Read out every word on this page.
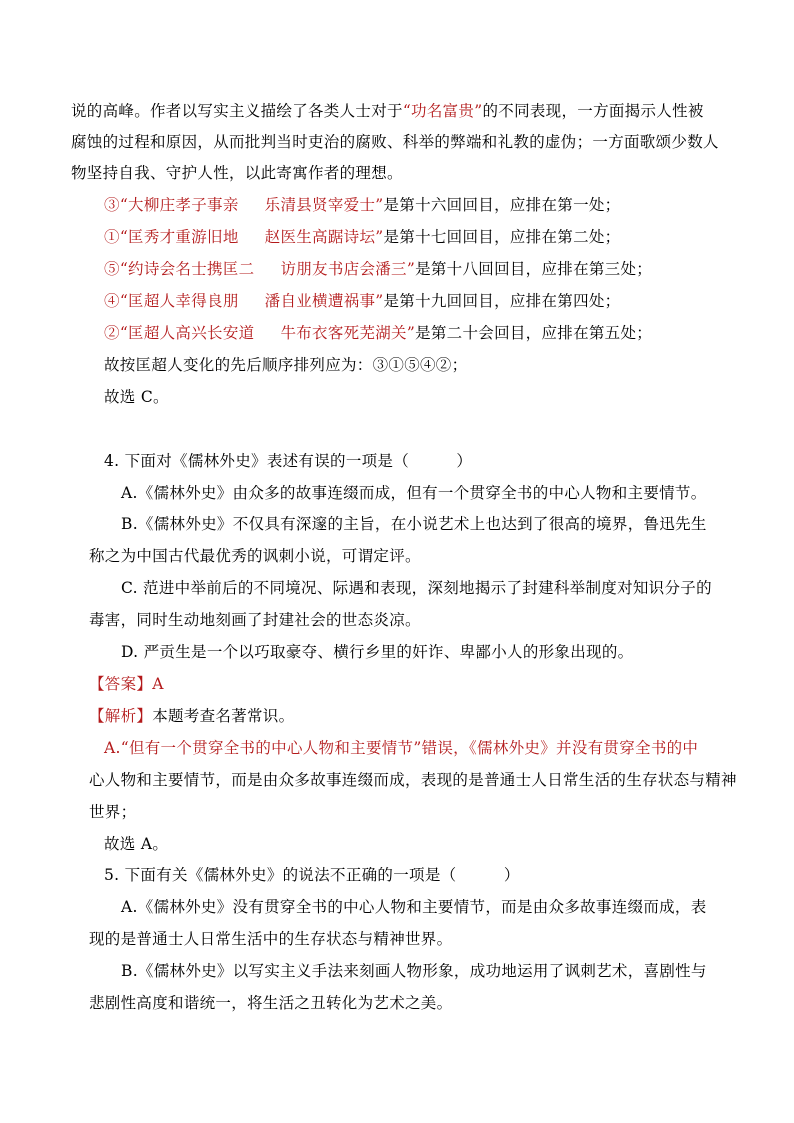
说的高峰。作者以写实主义描绘了各类人士对于“功名富贵”的不同表现，一方面揭示人性被
腐蚀的过程和原因，从而批判当时吏治的腐败、科举的弊端和礼教的虚伪；一方面歌颂少数人
物坚持自我、守护人性，以此寄寓作者的理想。
③“大柳庄孝子事亲 乐清县贤宰爱士”是第十六回回目，应排在第一处；
①“匡秀才重游旧地 赵医生高踞诗坛”是第十七回回目，应排在第二处；
⑤“约诗会名士携匡二 访朋友书店会潘三”是第十八回回目，应排在第三处；
④“匡超人幸得良朋 潘自业横遭祸事”是第十九回回目，应排在第四处；
②“匡超人高兴长安道 牛布衣客死芜湖关”是第二十会回目，应排在第五处；
故按匡超人变化的先后顺序排列应为：③①⑤④②；
故选 C。
4. 下面对《儒林外史》表述有误的一项是（　　　）
A.《儒林外史》由众多的故事连缀而成，但有一个贯穿全书的中心人物和主要情节。
B.《儒林外史》不仅具有深邃的主旨，在小说艺术上也达到了很高的境界，鲁迅先生
称之为中国古代最优秀的讽刺小说，可谓定评。
C. 范进中举前后的不同境况、际遇和表现，深刻地揭示了封建科举制度对知识分子的
毒害，同时生动地刻画了封建社会的世态炎凉。
D. 严贡生是一个以巧取豪夺、横行乡里的奸诈、卑鄙小人的形象出现的。
【答案】A
【解析】本题考查名著常识。
A.“但有一个贯穿全书的中心人物和主要情节”错误，《儒林外史》并没有贯穿全书的中
心人物和主要情节，而是由众多故事连缀而成，表现的是普通士人日常生活的生存状态与精神
世界；
故选 A。
5. 下面有关《儒林外史》的说法不正确的一项是（　　　）
A.《儒林外史》没有贯穿全书的中心人物和主要情节，而是由众多故事连缀而成，表
现的是普通士人日常生活中的生存状态与精神世界。
B.《儒林外史》以写实主义手法来刻画人物形象，成功地运用了讽刺艺术，喜剧性与
悲剧性高度和谐统一，将生活之丑转化为艺术之美。
